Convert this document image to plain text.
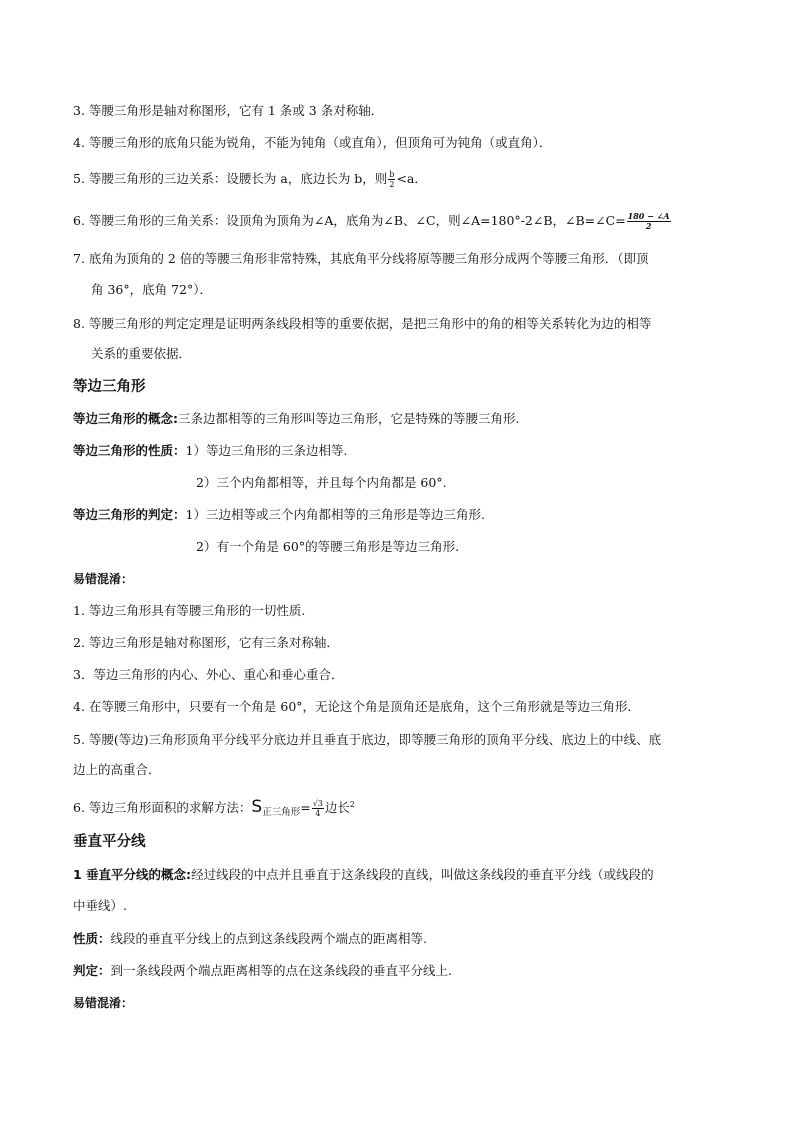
3. 等腰三角形是轴对称图形，它有 1 条或 3 条对称轴．
4. 等腰三角形的底角只能为锐角，不能为钝角（或直角），但顶角可为钝角（或直角）．
5. 等腰三角形的三边关系：设腰长为 a，底边长为 b，则 $\frac{b}{2} <a$．
6. 等腰三角形的三角关系：设顶角为顶角为∠A，底角为∠B、∠C，则∠A=180°-2∠B，∠B=∠C= $\frac{180 - \angle A}{2}$
7. 底角为顶角的 2 倍的等腰三角形非常特殊，其底角平分线将原等腰三角形分成两个等腰三角形．（即顶
角 36°，底角 72°）．
8. 等腰三角形的判定定理是证明两条线段相等的重要依据，是把三角形中的角的相等关系转化为边的相等
关系的重要依据．
等边三角形
等边三角形的概念:三条边都相等的三角形叫等边三角形，它是特殊的等腰三角形.
等边三角形的性质：1）等边三角形的三条边相等.
2）三个内角都相等，并且每个内角都是 60°.
等边三角形的判定：1）三边相等或三个内角都相等的三角形是等边三角形.
2）有一个角是 60°的等腰三角形是等边三角形.
易错混淆：
1. 等边三角形具有等腰三角形的一切性质.
2. 等边三角形是轴对称图形，它有三条对称轴．
3．等边三角形的内心、外心、重心和垂心重合．
4. 在等腰三角形中，只要有一个角是 60°，无论这个角是顶角还是底角，这个三角形就是等边三角形．
5. 等腰(等边)三角形顶角平分线平分底边并且垂直于底边，即等腰三角形的顶角平分线、底边上的中线、底
边上的高重合．
6. 等边三角形面积的求解方法：$S_{正三角形}= \frac{√3}{4}$ 边长$^2$
垂直平分线
1 垂直平分线的概念:经过线段的中点并且垂直于这条线段的直线，叫做这条线段的垂直平分线（或线段的
中垂线）.
性质：线段的垂直平分线上的点到这条线段两个端点的距离相等.
判定：到一条线段两个端点距离相等的点在这条线段的垂直平分线上.
易错混淆：
